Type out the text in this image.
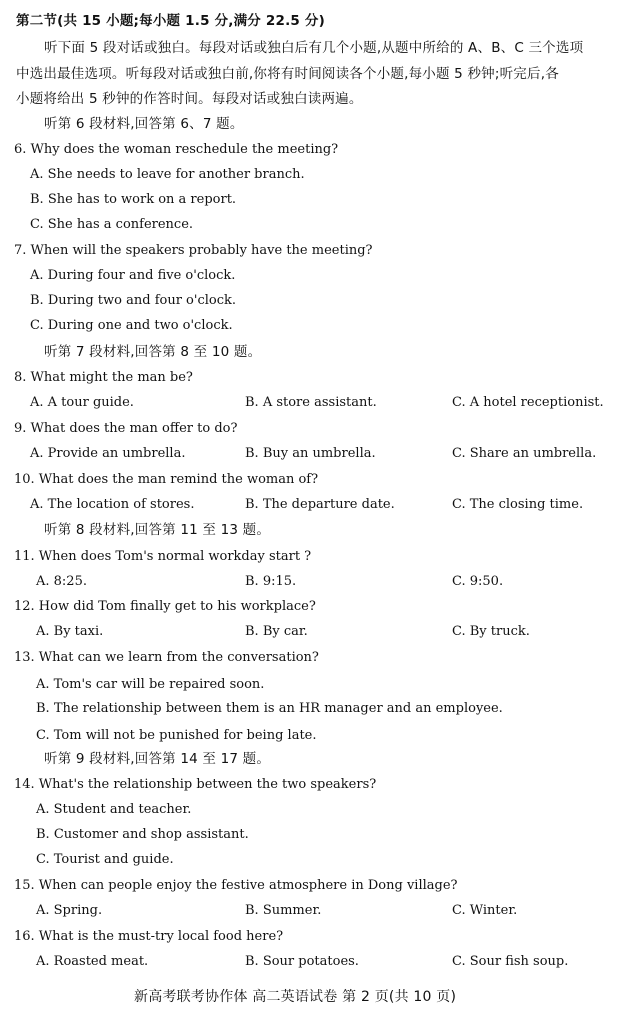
第二节(共 15 小题;每小题 1.5 分,满分 22.5 分)
听下面 5 段对话或独白。每段对话或独白后有几个小题,从题中所给的 A、B、C 三个选项
中选出最佳选项。听每段对话或独白前,你将有时间阅读各个小题,每小题 5 秒钟;听完后,各
小题将给出 5 秒钟的作答时间。每段对话或独白读两遍。
听第 6 段材料,回答第 6、7 题。
6. Why does the woman reschedule the meeting?
A. She needs to leave for another branch.
B. She has to work on a report.
C. She has a conference.
7. When will the speakers probably have the meeting?
A. During four and five o'clock.
B. During two and four o'clock.
C. During one and two o'clock.
听第 7 段材料,回答第 8 至 10 题。
8. What might the man be?
A. A tour guide.	B. A store assistant.	C. A hotel receptionist.
9. What does the man offer to do?
A. Provide an umbrella.	B. Buy an umbrella.	C. Share an umbrella.
10. What does the man remind the woman of?
A. The location of stores.	B. The departure date.	C. The closing time.
听第 8 段材料,回答第 11 至 13 题。
11. When does Tom's normal workday start ?
A. 8:25.	B. 9:15.	C. 9:50.
12. How did Tom finally get to his workplace?
A. By taxi.	B. By car.	C. By truck.
13. What can we learn from the conversation?
A. Tom's car will be repaired soon.
B. The relationship between them is an HR manager and an employee.
C. Tom will not be punished for being late.
听第 9 段材料,回答第 14 至 17 题。
14. What's the relationship between the two speakers?
A. Student and teacher.
B. Customer and shop assistant.
C. Tourist and guide.
15. When can people enjoy the festive atmosphere in Dong village?
A. Spring.	B. Summer.	C. Winter.
16. What is the must-try local food here?
A. Roasted meat.	B. Sour potatoes.	C. Sour fish soup.
新高考联考协作体 高二英语试卷 第 2 页(共 10 页)
